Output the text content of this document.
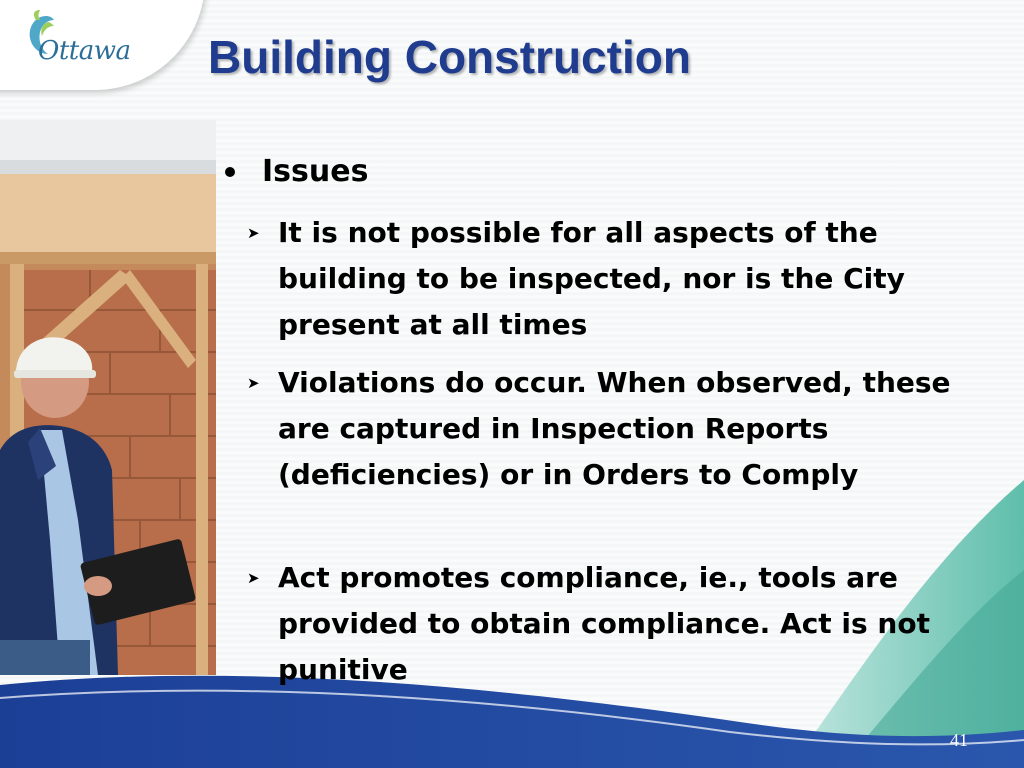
Ottawa Building Construction
Issues
➤ It is not possible for all aspects of the building to be inspected, nor is the City present at all times
➤ Violations do occur. When observed, these are captured in Inspection Reports (deficiencies) or in Orders to Comply
➤ Act promotes compliance, ie., tools are provided to obtain compliance. Act is not punitive
41
